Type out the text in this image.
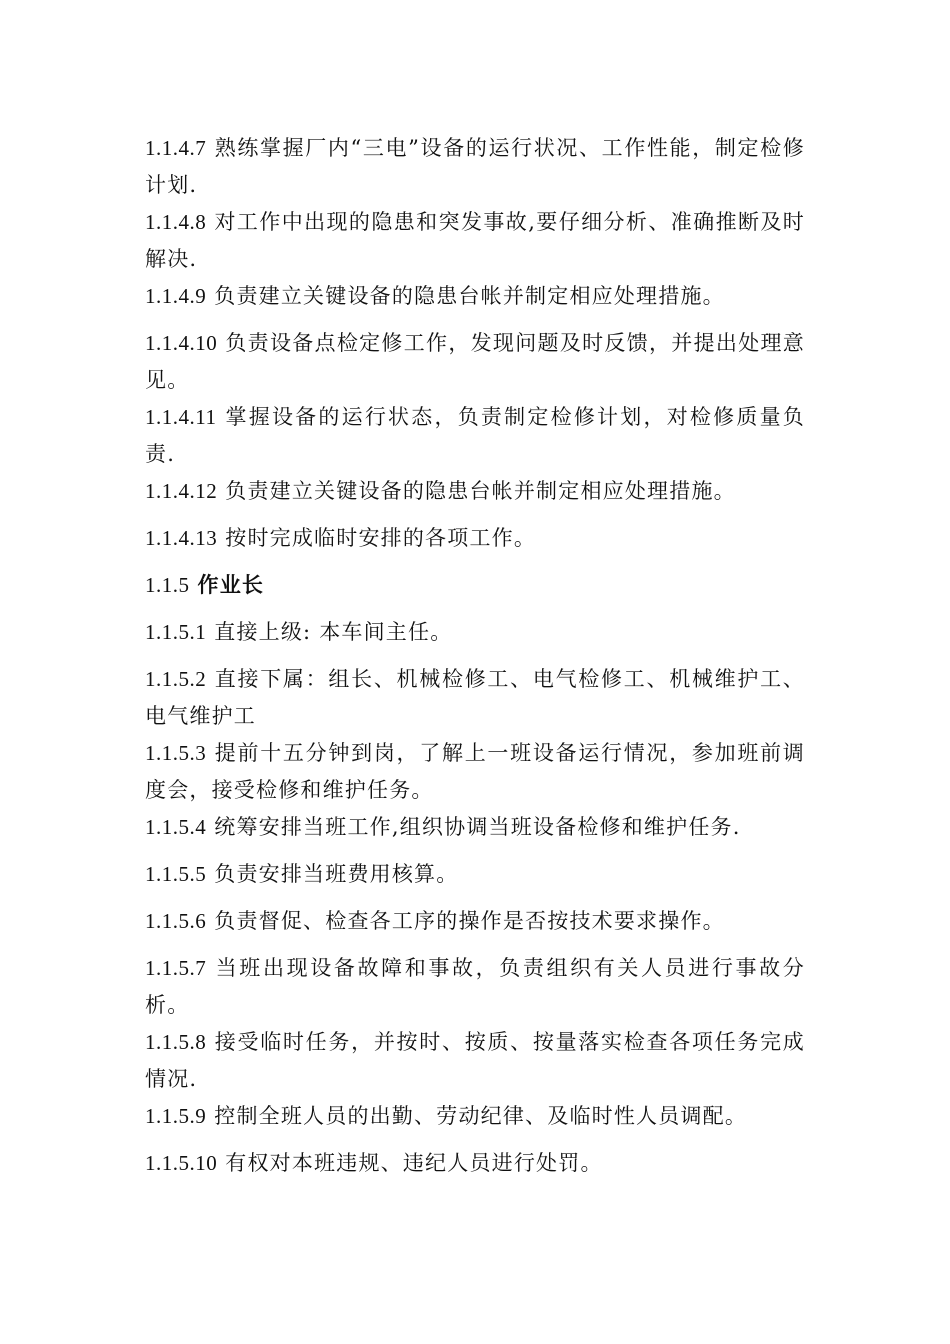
1.1.4.7 熟练掌握厂内“三电”设备的运行状况、工作性能，制定检修计划.

1.1.4.8 对工作中出现的隐患和突发事故,要仔细分析、准确推断及时解决.

1.1.4.9 负责建立关键设备的隐患台帐并制定相应处理措施。

1.1.4.10 负责设备点检定修工作，发现问题及时反馈，并提出处理意见。

1.1.4.11 掌握设备的运行状态，负责制定检修计划，对检修质量负责.

1.1.4.12 负责建立关键设备的隐患台帐并制定相应处理措施。

1.1.4.13 按时完成临时安排的各项工作。

1.1.5 作业长

1.1.5.1 直接上级: 本车间主任。

1.1.5.2 直接下属：组长、机械检修工、电气检修工、机械维护工、电气维护工

1.1.5.3 提前十五分钟到岗，了解上一班设备运行情况，参加班前调度会，接受检修和维护任务。

1.1.5.4 统筹安排当班工作,组织协调当班设备检修和维护任务.

1.1.5.5 负责安排当班费用核算。

1.1.5.6 负责督促、检查各工序的操作是否按技术要求操作。

1.1.5.7 当班出现设备故障和事故，负责组织有关人员进行事故分析。

1.1.5.8 接受临时任务，并按时、按质、按量落实检查各项任务完成情况.

1.1.5.9 控制全班人员的出勤、劳动纪律、及临时性人员调配。

1.1.5.10 有权对本班违规、违纪人员进行处罚。
